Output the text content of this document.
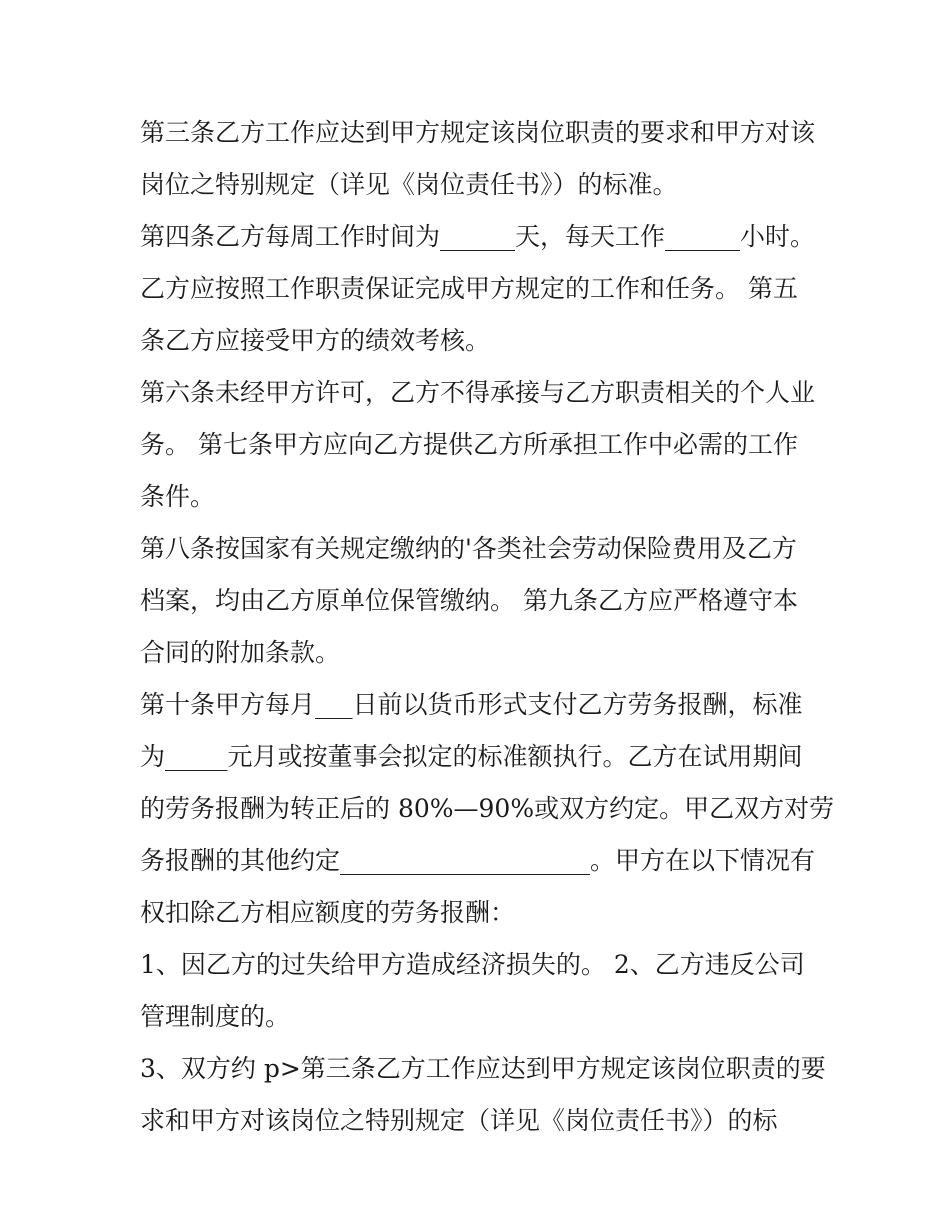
第三条乙方工作应达到甲方规定该岗位职责的要求和甲方对该
岗位之特别规定（详见《岗位责任书》）的标准。
第四条乙方每周工作时间为______天，每天工作______小时。
乙方应按照工作职责保证完成甲方规定的工作和任务。 第五
条乙方应接受甲方的绩效考核。
第六条未经甲方许可，乙方不得承接与乙方职责相关的个人业
务。 第七条甲方应向乙方提供乙方所承担工作中必需的工作
条件。
第八条按国家有关规定缴纳的'各类社会劳动保险费用及乙方
档案，均由乙方原单位保管缴纳。 第九条乙方应严格遵守本
合同的附加条款。
第十条甲方每月___日前以货币形式支付乙方劳务报酬，标准
为_____元月或按董事会拟定的标准额执行。乙方在试用期间
的劳务报酬为转正后的 80%—90%或双方约定。甲乙双方对劳
务报酬的其他约定____________________。甲方在以下情况有
权扣除乙方相应额度的劳务报酬：
1、因乙方的过失给甲方造成经济损失的。 2、乙方违反公司
管理制度的。
3、双方约 p>第三条乙方工作应达到甲方规定该岗位职责的要
求和甲方对该岗位之特别规定（详见《岗位责任书》）的标
